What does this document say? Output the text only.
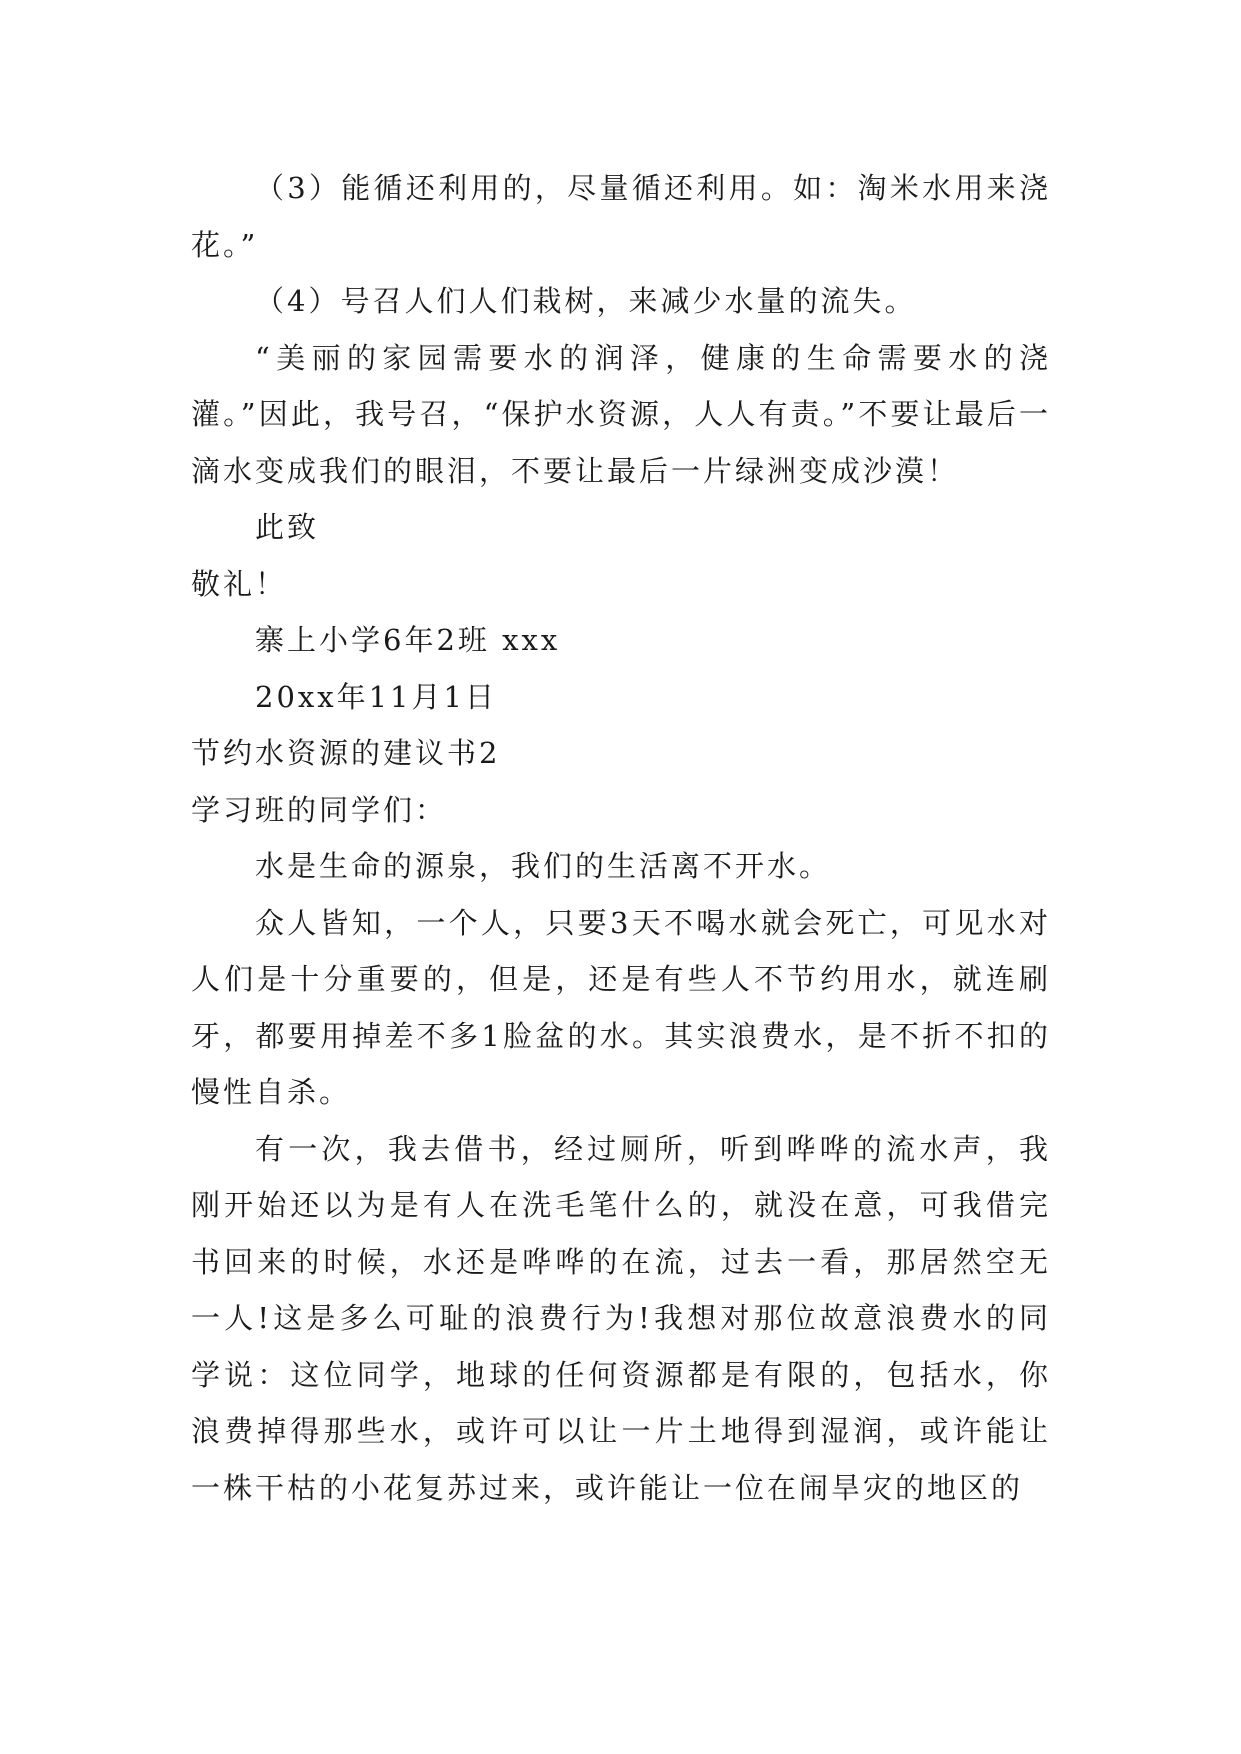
（3）能循还利用的，尽量循还利用。如：淘米水用来浇花。”

（4）号召人们人们栽树，来减少水量的流失。

“美丽的家园需要水的润泽，健康的生命需要水的浇灌。”因此，我号召，“保护水资源，人人有责。”不要让最后一滴水变成我们的眼泪，不要让最后一片绿洲变成沙漠！

此致

敬礼！

寨上小学6年2班 xxx

20xx年11月1日

节约水资源的建议书2

学习班的同学们：

水是生命的源泉，我们的生活离不开水。

众人皆知，一个人，只要3天不喝水就会死亡，可见水对人们是十分重要的，但是，还是有些人不节约用水，就连刷牙，都要用掉差不多1脸盆的水。其实浪费水，是不折不扣的慢性自杀。

有一次，我去借书，经过厕所，听到哗哗的流水声，我刚开始还以为是有人在洗毛笔什么的，就没在意，可我借完书回来的时候，水还是哗哗的在流，过去一看，那居然空无一人!这是多么可耻的浪费行为!我想对那位故意浪费水的同学说：这位同学，地球的任何资源都是有限的，包括水，你浪费掉得那些水，或许可以让一片土地得到湿润，或许能让一株干枯的小花复苏过来，或许能让一位在闹旱灾的地区的
